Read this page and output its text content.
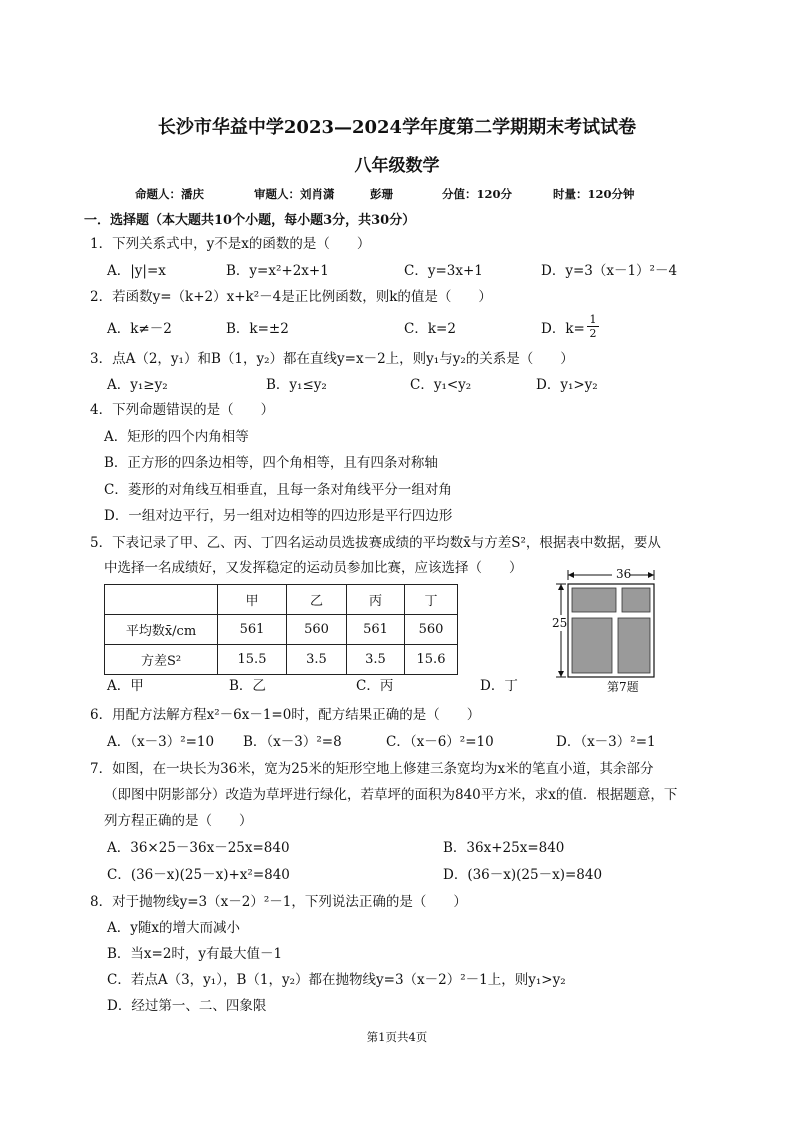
长沙市华益中学2023—2024学年度第二学期期末考试试卷
八年级数学
命题人：潘庆	审题人：刘肖潇	彭珊	分值：120分	时量：120分钟
一．选择题（本大题共10个小题，每小题3分，共30分）
1．下列关系式中，y不是x的函数的是（　　）
A．|y|=x	B．y=x²+2x+1	C．y=3x+1	D．y=3（x－1）²－4
2．若函数y=（k+2）x+k²－4是正比例函数，则k的值是（　　）
A．k≠－2	B．k=±2	C．k=2	D．$k= \frac{1}{2}$
3．点A（2，y₁）和B（1，y₂）都在直线y=x－2上，则y₁与y₂的关系是（　　）
A．y₁≥y₂	B．y₁≤y₂	C．y₁<y₂	D．y₁>y₂
4．下列命题错误的是（　　）
A．矩形的四个内角相等
B．正方形的四条边相等，四个角相等，且有四条对称轴
C．菱形的对角线互相垂直，且每一条对角线平分一组对角
D．一组对边平行，另一组对边相等的四边形是平行四边形
5．下表记录了甲、乙、丙、丁四名运动员选拔赛成绩的平均数x̄与方差S²，根据表中数据，要从
中选择一名成绩好，又发挥稳定的运动员参加比赛，应该选择（　　）
	甲	乙	丙	丁
平均数x̄/cm	561	560	561	560
方差S²	15.5	3.5	3.5	15.6
A．甲	B．乙	C．丙	D．丁
36
25
第7题
6．用配方法解方程x²－6x－1=0时，配方结果正确的是（　　）
A．（x－3）²=10 B．（x－3）²=8	C．（x－6）²=10	D．（x－3）²=1
7．如图，在一块长为36米，宽为25米的矩形空地上修建三条宽均为x米的笔直小道，其余部分
（即图中阴影部分）改造为草坪进行绿化，若草坪的面积为840平方米，求x的值．根据题意，下
列方程正确的是（　　）
A．36×25－36x－25x=840	B．36x+25x=840
C．(36－x)(25－x)+x²=840	D．(36－x)(25－x)=840
8．对于抛物线y=3（x－2）²－1，下列说法正确的是（　　）
A．y随x的增大而减小
B．当x=2时，y有最大值－1
C．若点A（3，y₁），B（1，y₂）都在抛物线y=3（x－2）²－1上，则y₁>y₂
D．经过第一、二、四象限
第1页共4页
